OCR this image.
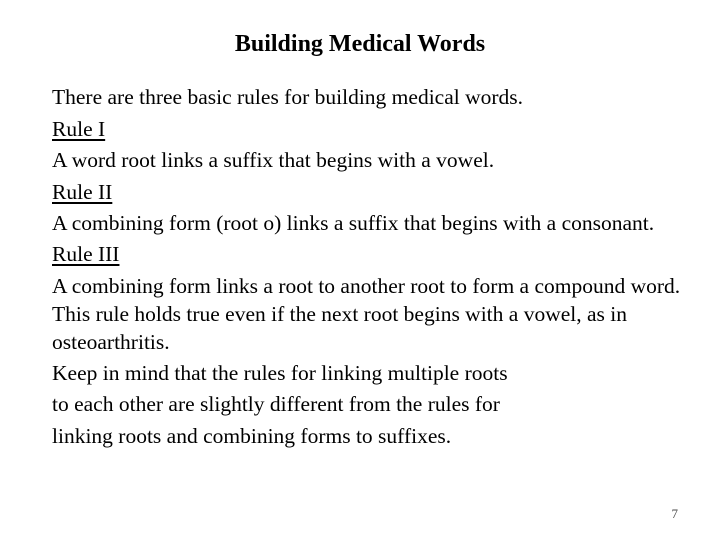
Building Medical Words
There are three basic rules for building medical words.
Rule I
A word root links a suffix that begins with a vowel.
Rule II
A combining form (root o) links a suffix that begins with a consonant.
Rule III
A combining form links a root to another root to form a compound word. This rule holds true even if the next root begins with a vowel, as in osteoarthritis.
Keep in mind that the rules for linking multiple roots
to each other are slightly different from the rules for
linking roots and combining forms to suffixes.
7
